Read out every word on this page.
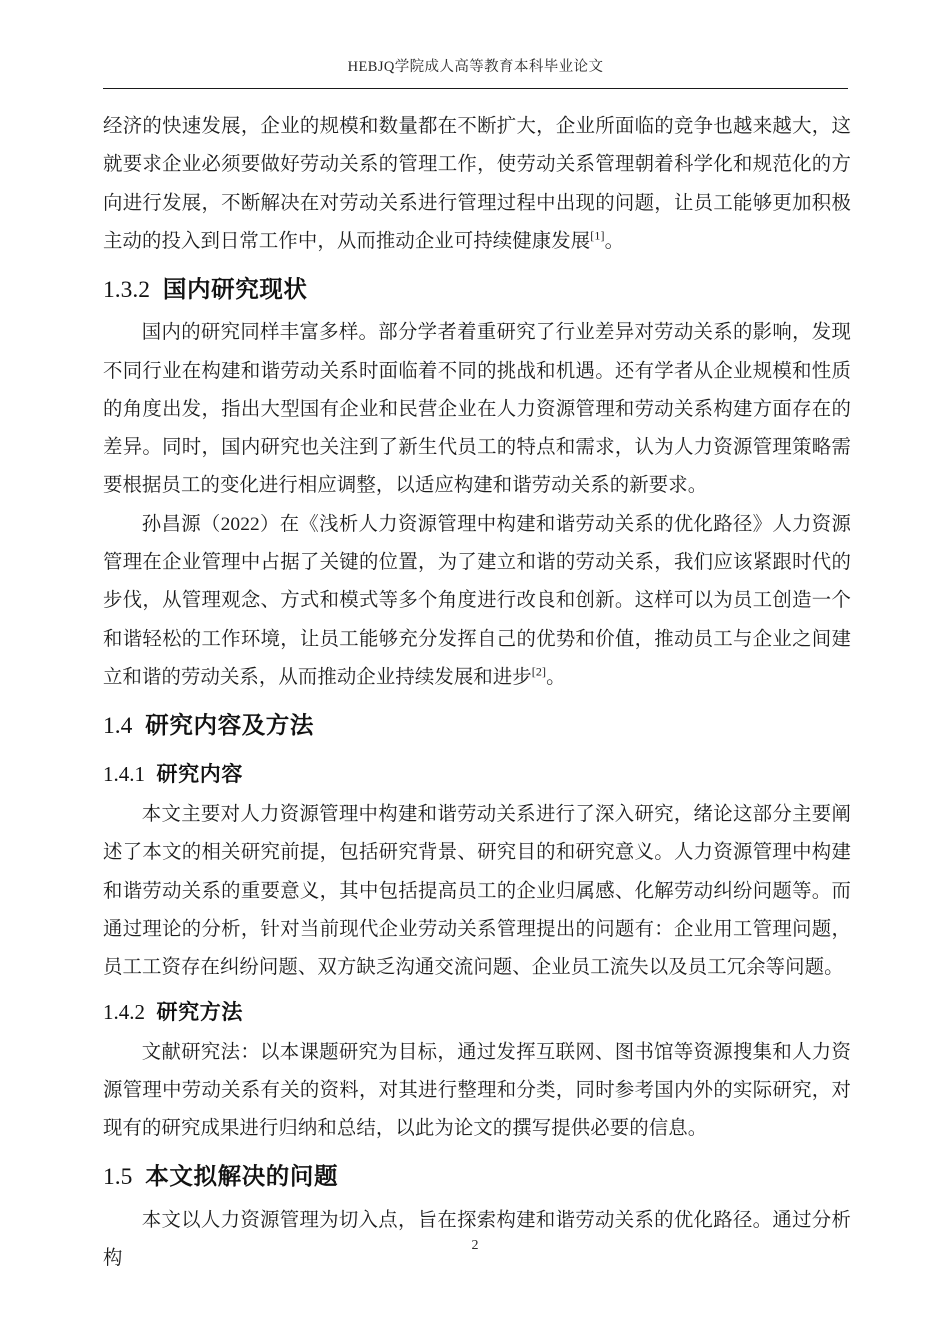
HEBJQ学院成人高等教育本科毕业论文

经济的快速发展，企业的规模和数量都在不断扩大，企业所面临的竞争也越来越大，这就要求企业必须要做好劳动关系的管理工作，使劳动关系管理朝着科学化和规范化的方向进行发展，不断解决在对劳动关系进行管理过程中出现的问题，让员工能够更加积极主动的投入到日常工作中，从而推动企业可持续健康发展[1]。

1.3.2 国内研究现状

国内的研究同样丰富多样。部分学者着重研究了行业差异对劳动关系的影响，发现不同行业在构建和谐劳动关系时面临着不同的挑战和机遇。还有学者从企业规模和性质的角度出发，指出大型国有企业和民营企业在人力资源管理和劳动关系构建方面存在的差异。同时，国内研究也关注到了新生代员工的特点和需求，认为人力资源管理策略需要根据员工的变化进行相应调整，以适应构建和谐劳动关系的新要求。

孙昌源（2022）在《浅析人力资源管理中构建和谐劳动关系的优化路径》人力资源管理在企业管理中占据了关键的位置，为了建立和谐的劳动关系，我们应该紧跟时代的步伐，从管理观念、方式和模式等多个角度进行改良和创新。这样可以为员工创造一个和谐轻松的工作环境，让员工能够充分发挥自己的优势和价值，推动员工与企业之间建立和谐的劳动关系，从而推动企业持续发展和进步[2]。

1.4 研究内容及方法
1.4.1 研究内容

本文主要对人力资源管理中构建和谐劳动关系进行了深入研究，绪论这部分主要阐述了本文的相关研究前提，包括研究背景、研究目的和研究意义。人力资源管理中构建和谐劳动关系的重要意义，其中包括提高员工的企业归属感、化解劳动纠纷问题等。而通过理论的分析，针对当前现代企业劳动关系管理提出的问题有：企业用工管理问题，员工工资存在纠纷问题、双方缺乏沟通交流问题、企业员工流失以及员工冗余等问题。

1.4.2 研究方法

文献研究法：以本课题研究为目标，通过发挥互联网、图书馆等资源搜集和人力资源管理中劳动关系有关的资料，对其进行整理和分类，同时参考国内外的实际研究，对现有的研究成果进行归纳和总结，以此为论文的撰写提供必要的信息。

1.5 本文拟解决的问题

本文以人力资源管理为切入点，旨在探索构建和谐劳动关系的优化路径。通过分析构

2
